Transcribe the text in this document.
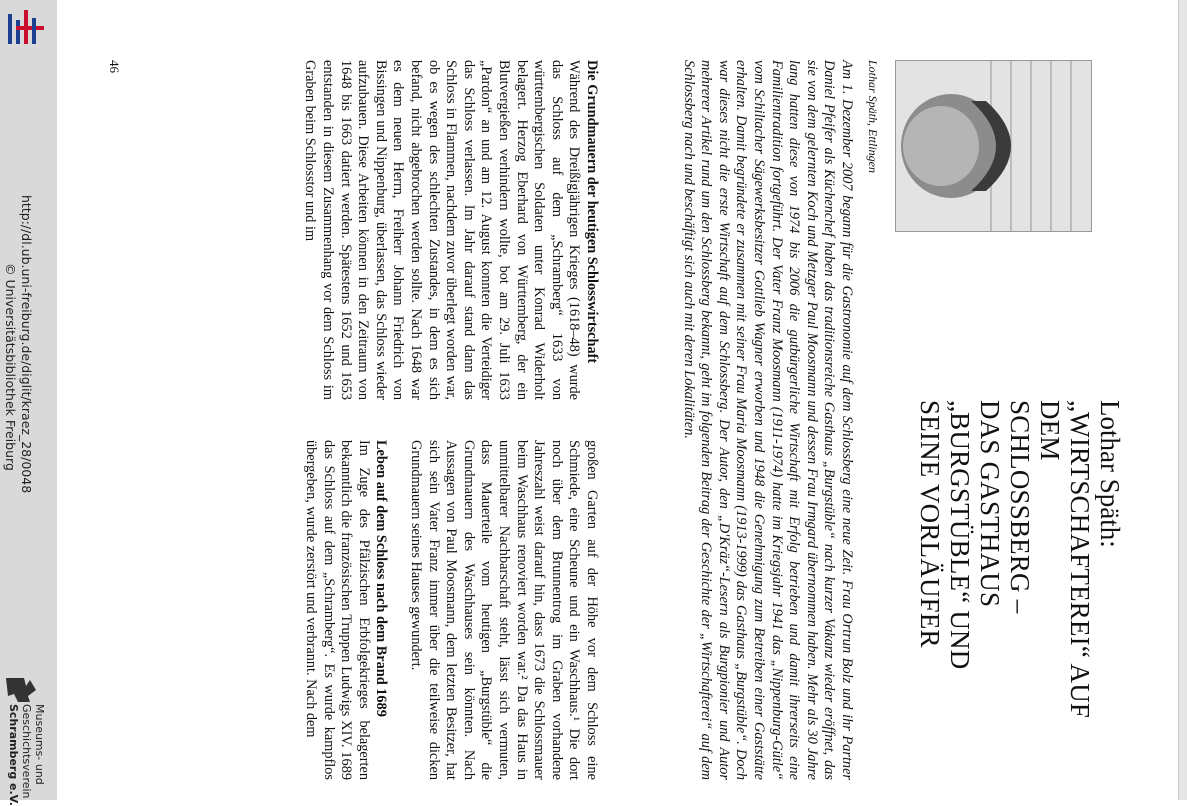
http://dl.ub.uni-freiburg.de/diglit/kraez_28/0048
© Universitätsbibliothek Freiburg
Museums- und
Geschichtsverein
Schramberg e.V.
Lothar Späth:
„WIRTSCHAFTEREI“ AUF DEM
SCHLOSSBERG –
DAS GASTHAUS „BURGSTÜBLE“ UND
SEINE VORLÄUFER
Lothar Späth, Ettlingen
Am 1. Dezember 2007 begann für die Gastronomie auf dem Schlossberg eine neue Zeit. Frau Ortrun Bolz und ihr Partner Daniel Pfeifer als Küchenchef haben das traditionsreiche Gasthaus „Burgstüble“ nach kurzer Vakanz wieder eröffnet, das sie von dem gelernten Koch und Metzger Paul Moosmann und dessen Frau Irmgard übernommen haben. Mehr als 30 Jahre lang hatten diese von 1974 bis 2006 die gutbürgerliche Wirtschaft mit Erfolg betrieben und damit ihrerseits eine Familientradition fortgeführt. Der Vater Franz Moosmann (1911-1974) hatte im Kriegsjahr 1941 das „Nippenburg-Gütle“ vom Schiltacher Sägewerksbesitzer Gottlieb Wagner erworben und 1948 die Genehmigung zum Betreiben einer Gaststätte erhalten. Damit begründete er zusammen mit seiner Frau Maria Moosmann (1913-1999) das Gasthaus „Burgstüble“. Doch war dieses nicht die erste Wirtschaft auf dem Schlossberg. Der Autor, den „D'Kräz“-Lesern als Burgpionier und Autor mehrerer Artikel rund um den Schlossberg bekannt, geht im folgenden Beitrag der Geschichte der „Wirtschafterei“ auf dem Schlossberg nach und beschäftigt sich auch mit deren Lokalitäten.
Die Grundmauern der heutigen Schlosswirtschaft

Während des Dreißigjährigen Krieges (1618–48) wurde das Schloss auf dem „Schramberg“ 1633 von württembergischen Soldaten unter Konrad Widerholt belagert. Herzog Eberhard von Württemberg, der ein Blutvergießen verhindern wollte, bot am 29. Juli 1633 „Pardon“ an und am 12. August konnten die Verteidiger das Schloss verlassen. Im Jahr darauf stand dann das Schloss in Flammen, nachdem zuvor überlegt worden war, ob es wegen des schlechten Zustandes, in dem es sich befand, nicht abgebrochen werden sollte. Nach 1648 war es dem neuen Herrn, Freiherr Johann Friedrich von Bissingen und Nippenburg, überlassen, das Schloss wieder aufzubauen. Diese Arbeiten können in den Zeitraum von 1648 bis 1663 datiert werden. Spätestens 1652 und 1653 entstanden in diesem Zusammenhang vor dem Schloss im Graben beim Schlosstor und im

großen Garten auf der Höhe vor dem Schloss eine Schmiede, eine Scheune und ein Waschhaus.¹ Die dort noch über dem Brunnentrog im Graben vorhandene Jahreszahl weist darauf hin, dass 1673 die Schlossmauer beim Waschhaus renoviert worden war.² Da das Haus in unmittelbarer Nachbarschaft steht, lässt sich vermuten, dass Mauerteile vom heutigen „Burgstüble“ die Grundmauern des Waschhauses sein könnten. Nach Aussagen von Paul Moosmann, dem letzten Besitzer, hat sich sein Vater Franz immer über die teilweise dicken Grundmauern seines Hauses gewundert.

Leben auf dem Schloss nach dem Brand 1689

Im Zuge des Pfälzischen Erbfolgekrieges belagerten bekanntlich die französischen Truppen Ludwigs XIV. 1689 das Schloss auf dem „Schramberg“. Es wurde kampflos übergeben, wurde zerstört und verbrannt. Nach dem

46
